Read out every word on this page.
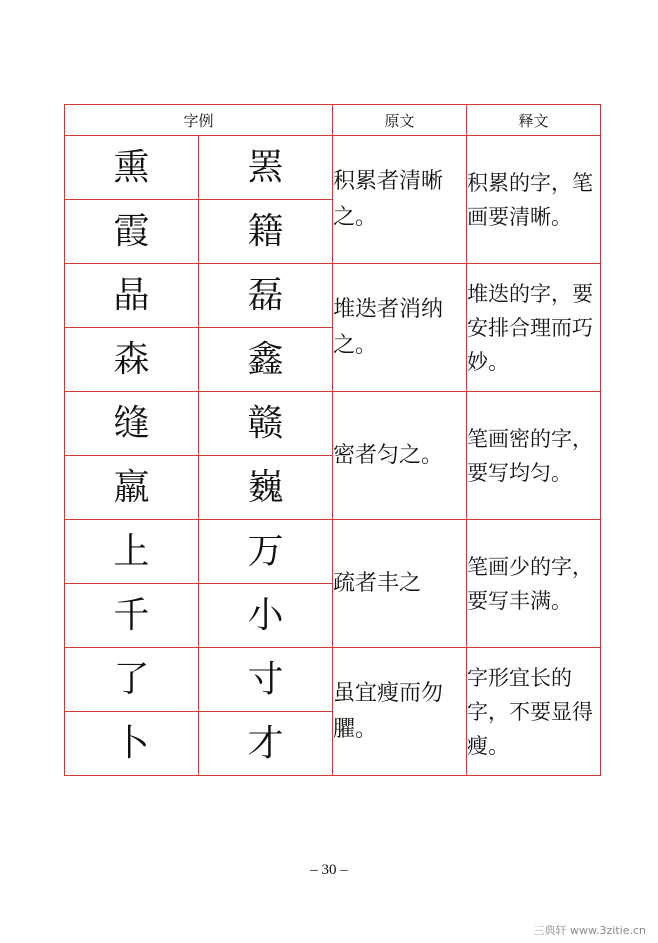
字例		原文	释文
熏	罴	积累者清晰之。	积累的字，笔画要清晰。
霞	籍		
晶	磊	堆迭者消纳之。	堆迭的字，要安排合理而巧妙。
森	鑫		
缝	赣	密者匀之。	笔画密的字，要写均匀。
羸	巍		
上	万	疏者丰之	笔画少的字，要写丰满。
千	小		
了	寸	虽宜瘦而勿臞。	字形宜长的字，不要显得瘦。
卜	才		
– 30 –
三典轩 www.3zitie.cn
